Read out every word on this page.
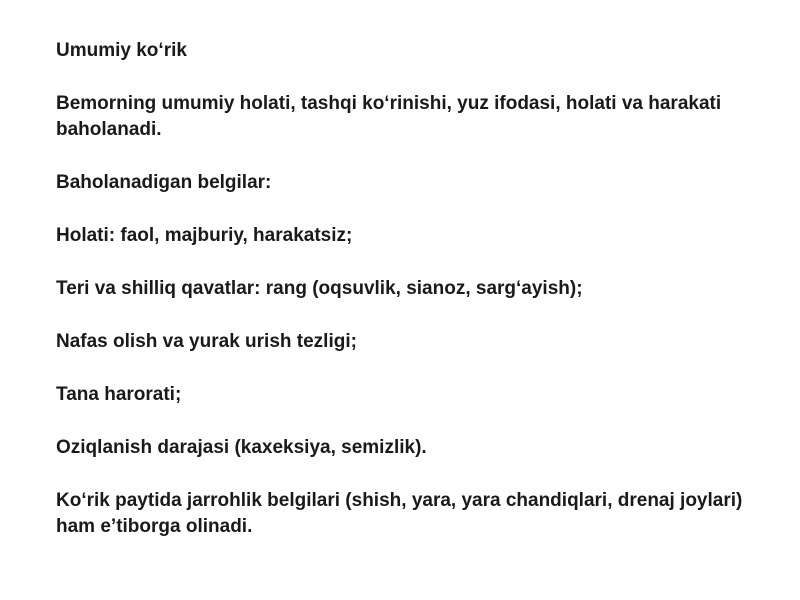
Umumiy koʻrik

Bemorning umumiy holati, tashqi koʻrinishi, yuz ifodasi, holati va harakati baholanadi.

Baholanadigan belgilar:

Holati: faol, majburiy, harakatsiz;

Teri va shilliq qavatlar: rang (oqsuvlik, sianoz, sargʻayish);

Nafas olish va yurak urish tezligi;

Tana harorati;

Oziqlanish darajasi (kaxeksiya, semizlik).

Koʻrik paytida jarrohlik belgilari (shish, yara, yara chandiqlari, drenaj joylari) ham e’tiborga olinadi.
